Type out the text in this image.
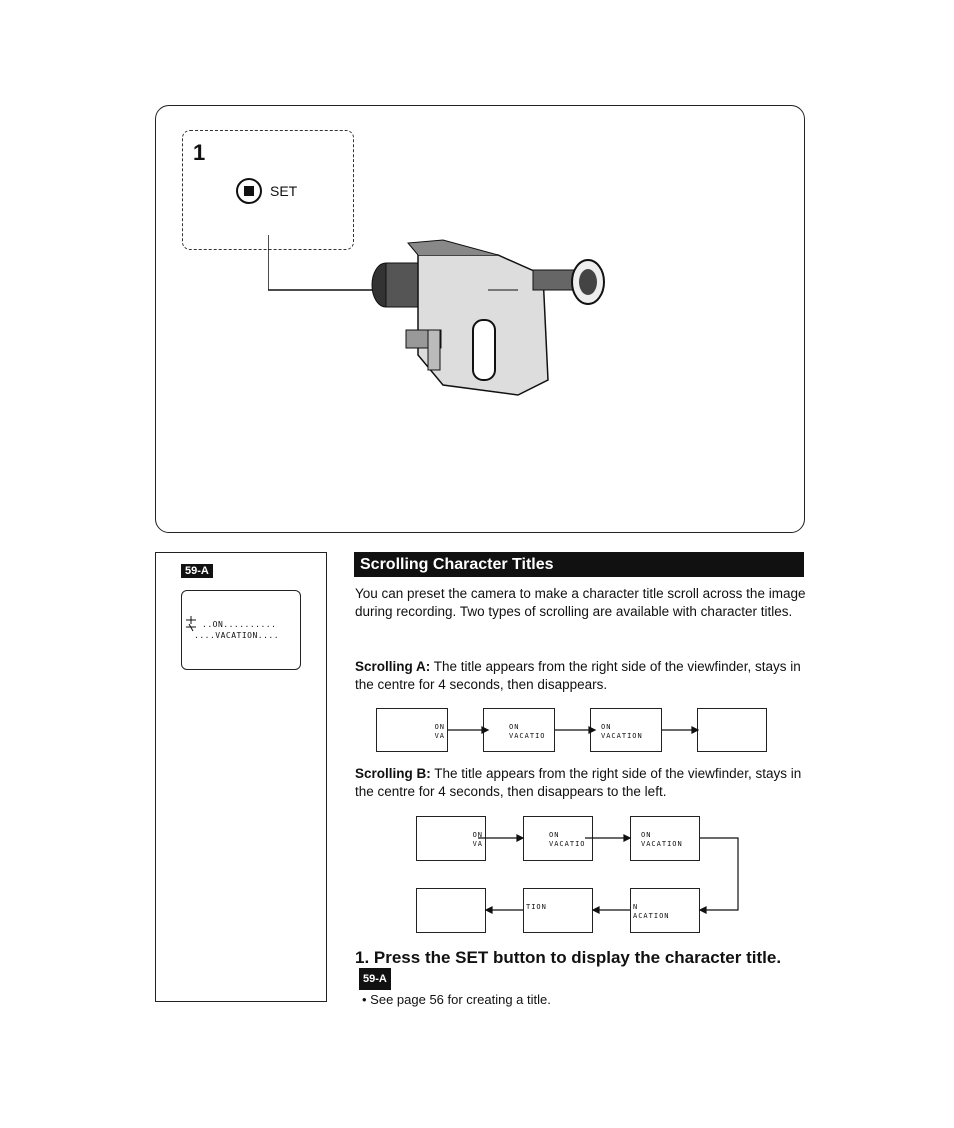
1
SET
59-A
..ON..........
....VACATION....
Scrolling Character Titles
You can preset the camera to make a character title scroll across the image during recording. Two types of scrolling are available with character titles.
Scrolling A: The title appears from the right side of the viewfinder, stays in the centre for 4 seconds, then disappears.
ON
VA
ON
VACATIO
ON
VACATION
Scrolling B: The title appears from the right side of the viewfinder, stays in the centre for 4 seconds, then disappears to the left.
ON
VA
ON
VACATIO
ON
VACATION
N
ACATION
TION
1. Press the SET button to display the character title. 59-A
• See page 56 for creating a title.
